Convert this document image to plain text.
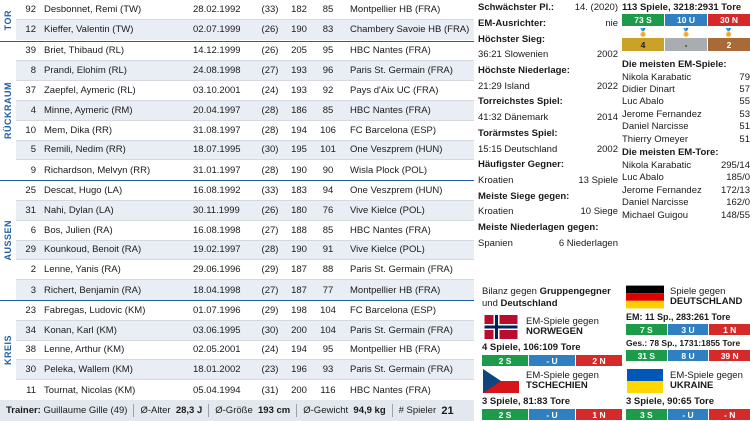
TOR
92 Desbonnet, Remi (TW)	28.02.1992	(33)	182	85	Montpellier HB (FRA)
12 Kieffer, Valentin (TW)	02.07.1999	(26)	190	83	Chambery Savoie HB (FRA)
RÜCKRAUM
39 Briet, Thibaud (RL)	14.12.1999	(26)	205	95	HBC Nantes (FRA)
8 Prandi, Elohim (RL)	24.08.1998	(27)	193	96	Paris St. Germain (FRA)
37 Zaepfel, Aymeric (RL)	03.10.2001	(24)	193	92	Pays d'Aix UC (FRA)
4 Minne, Aymeric (RM)	20.04.1997	(28)	186	85	HBC Nantes (FRA)
10 Mem, Dika (RR)	31.08.1997	(28)	194	106	FC Barcelona (ESP)
5 Remili, Nedim (RR)	18.07.1995	(30)	195	101	One Veszprem (HUN)
9 Richardson, Melvyn (RR)	31.01.1997	(28)	190	90	Wisla Plock (POL)
AUSSEN
25 Descat, Hugo (LA)	16.08.1992	(33)	183	94	One Veszprem (HUN)
31 Nahi, Dylan (LA)	30.11.1999	(26)	180	76	Vive Kielce (POL)
6 Bos, Julien (RA)	16.08.1998	(27)	188	85	HBC Nantes (FRA)
29 Kounkoud, Benoit (RA)	19.02.1997	(28)	190	91	Vive Kielce (POL)
2 Lenne, Yanis (RA)	29.06.1996	(29)	187	88	Paris St. Germain (FRA)
3 Richert, Benjamin (RA)	18.04.1998	(27)	187	77	Montpellier HB (FRA)
KREIS
23 Fabregas, Ludovic (KM)	01.07.1996	(29)	198	104	FC Barcelona (ESP)
34 Konan, Karl (KM)	03.06.1995	(30)	200	104	Paris St. Germain (FRA)
38 Lenne, Arthur (KM)	02.05.2001	(24)	194	95	Montpellier HB (FRA)
30 Peleka, Wallem (KM)	18.01.2002	(23)	196	93	Paris St. Germain (FRA)
11 Tournat, Nicolas (KM)	05.04.1994	(31)	200	116	HBC Nantes (FRA)
Trainer:
Guillaume Gille (49) Ø-Alter
28,3 J Ø-Größe
193 cm Ø-Gewicht
94,9 kg # Spieler
21
Schwächster Pl.: 14. (2020)
EM-Ausrichter:	nie
Höchster Sieg:
36:21 Slowenien	2002
Höchste Niederlage:
21:29 Island	2022
Torreichstes Spiel:
41:32 Dänemark	2014
Torärmstes Spiel:
15:15 Deutschland	2002
Häufigster Gegner:
Kroatien	13 Spiele
Meiste Siege gegen:
Kroatien	10 Siege
Meiste Niederlagen gegen:
Spanien	6 Niederlagen
113 Spiele, 3218:2931 Tore
73 S	10 U	30 N
🏅	🏅	🏅
4	-	2
Die meisten EM-Spiele:
Nikola Karabatic	79
Didier Dinart	57
Luc Abalo	55
Jerome Fernandez	53
Daniel Narcisse	51
Thierry Omeyer	51
Die meisten EM-Tore:
Nikola Karabatic	295/14
Luc Abalo	185/0
Jerome Fernandez 172/13
Daniel Narcisse	162/0
Michael Guigou	148/55
Bilanz gegen Gruppengegner und Deutschland
EM-Spiele gegen
NORWEGEN
4 Spiele, 106:109 Tore
2 S	- U	2 N
EM-Spiele gegen
TSCHECHIEN
3 Spiele, 81:83 Tore
2 S	- U	1 N
Spiele gegen
DEUTSCHLAND
EM: 11 Sp., 283:261 Tore
7 S	3 U	1 N
Ges.: 78 Sp., 1731:1855 Tore
31 S	8 U	39 N
EM-Spiele gegen
UKRAINE
3 Spiele, 90:65 Tore
3 S	- U	- N
